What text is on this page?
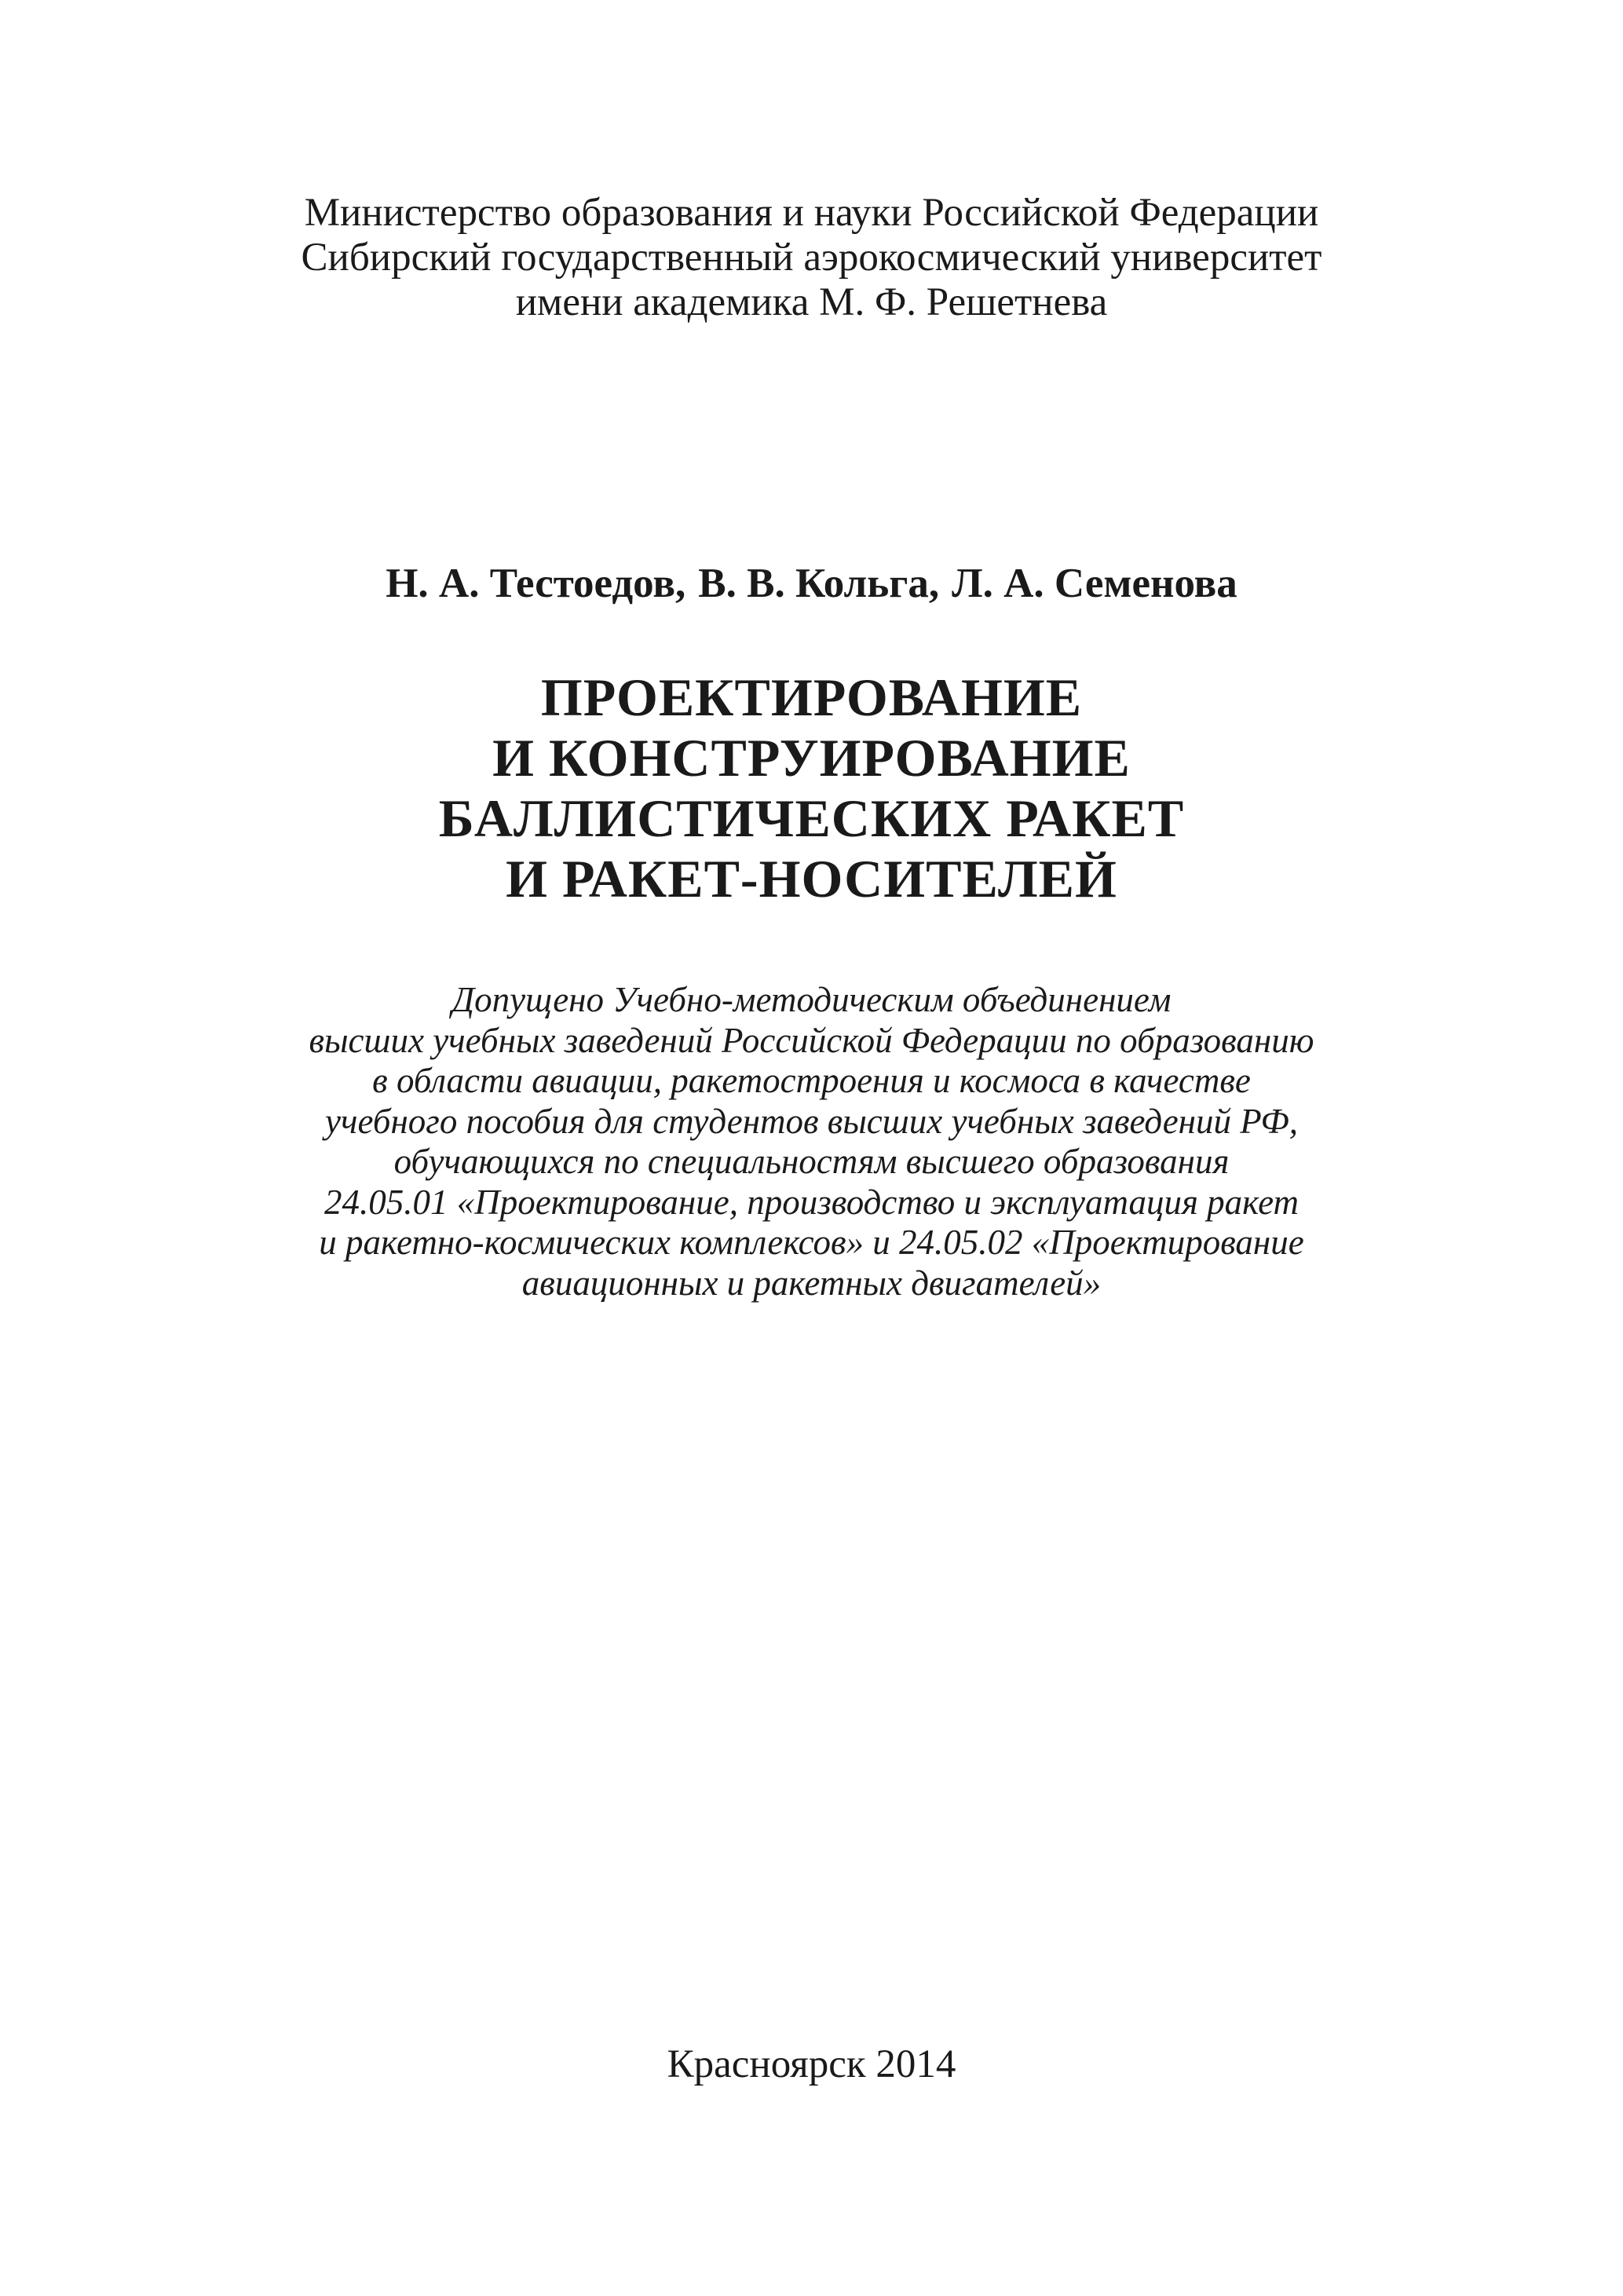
Министерство образования и науки Российской Федерации
Сибирский государственный аэрокосмический университет
имени академика М. Ф. Решетнева
Н. А. Тестоедов, В. В. Кольга, Л. А. Семенова
ПРОЕКТИРОВАНИЕ
И КОНСТРУИРОВАНИЕ
БАЛЛИСТИЧЕСКИХ РАКЕТ
И РАКЕТ-НОСИТЕЛЕЙ
Допущено Учебно-методическим объединением
высших учебных заведений Российской Федерации по образованию
в области авиации, ракетостроения и космоса в качестве
учебного пособия для студентов высших учебных заведений РФ,
обучающихся по специальностям высшего образования
24.05.01 «Проектирование, производство и эксплуатация ракет
и ракетно-космических комплексов» и 24.05.02 «Проектирование
авиационных и ракетных двигателей»
Красноярск 2014
